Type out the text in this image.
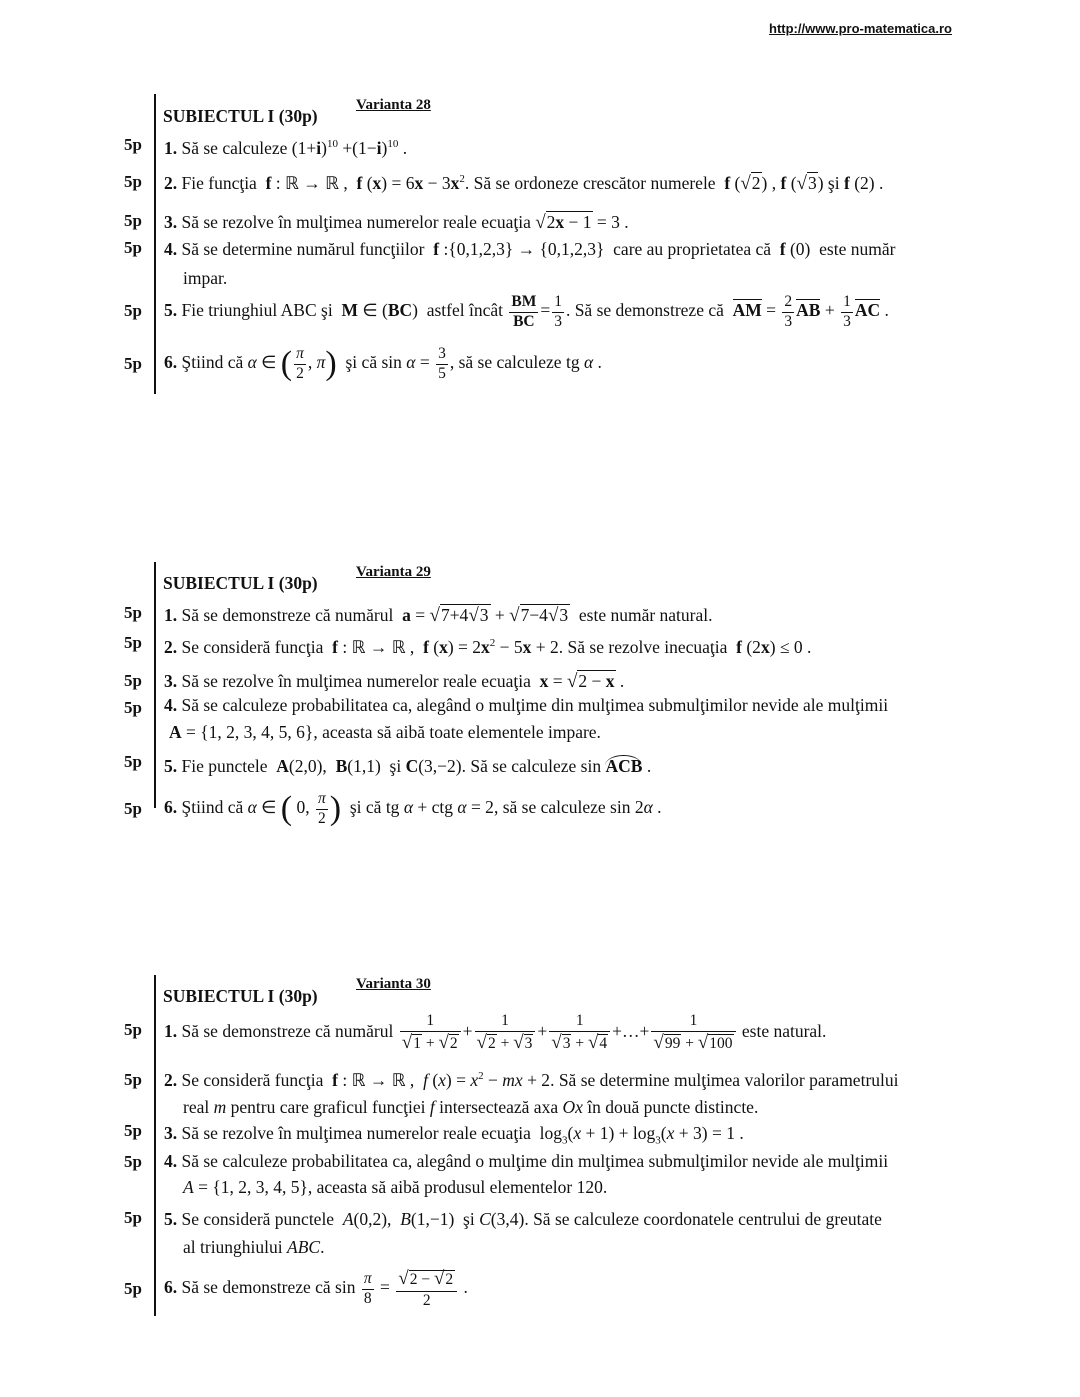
http://www.pro-matematica.ro
SUBIECTUL I (30p)
Varianta 28
5p
5p
5p
5p
5p
5p
1. Să se calculeze $(1+i)^{10} +(1-i)^{10}$ .
2. Fie funcţia f : ℝ → ℝ ,  f $(x) = 6x - 3x^2$. Să se ordoneze crescător numerele f (√2) , f (√3) şi f (2) .
3. Să se rezolve în mulţimea numerelor reale ecuaţia √2x − 1 = 3 .
4. Să se determine numărul funcţiilor f :{0,1,2,3} → {0,1,2,3}  care au proprietatea că f (0)  este număr
impar.
5. Fie triunghiul ABC şi M ∈ (BC)  astfel încât $\frac{BM}{BC} = \frac{1}{3}$ . Să se demonstreze că AM = $\frac{2}{3}$ AB + $\frac{1}{3}$ AC .
6. Ştiind că α ∈ ( $\frac{\pi}{2}$ , π) şi că $\sin \alpha = \frac{3}{5}$ , să se calculeze tg α .
SUBIECTUL I (30p)
Varianta 29
5p
5p
5p
5p
5p
5p
1. Să se demonstreze că numărul a = √7+4√3 + √7−4√3 este număr natural.
2. Se consideră funcţia f : ℝ → ℝ ,  f $(x) = 2x^2 - 5x + 2$. Să se rezolve inecuaţia f (2x) ≤ 0 .
3. Să se rezolve în mulţimea numerelor reale ecuaţia x = √2 − x .
4. Să se calculeze probabilitatea ca, alegând o mulţime din mulţimea submulţimilor nevide ale mulţimii
A = {1, 2, 3, 4, 5, 6}, aceasta să aibă toate elementele impare.
5. Fie punctele A(2,0),  B(1,1)  şi C(3,−2). Să se calculeze sin ACB .
6. Ştiind că α ∈ ( 0, $\frac{\pi}{2}$ ) şi că tg α + ctg α = 2, să se calculeze sin 2α .
SUBIECTUL I (30p)
Varianta 30
5p
5p
5p
5p
5p
5p
1. Să se demonstreze că numărul $\frac{1}{√1 + √2} + \frac{1}{√2 + √3} + \frac{1}{√3 + √4}$ +…+ $\frac{1}{√99 + √100}$ este natural.
2. Se consideră funcţia f : ℝ → ℝ ,  f $(x) = x^2$ − mx + 2. Să se determine mulţimea valorilor parametrului
real m pentru care graficul funcţiei f intersectează axa Ox în două puncte distincte.
3. Să se rezolve în mulţimea numerelor reale ecuaţia  $\log_3(x + 1) + \log_3(x + 3) = 1$ .
4. Să se calculeze probabilitatea ca, alegând o mulţime din mulţimea submulţimilor nevide ale mulţimii
A = {1, 2, 3, 4, 5}, aceasta să aibă produsul elementelor 120.
5. Se consideră punctele A(0,2),  B(1,−1)  şi C(3,4). Să se calculeze coordonatele centrului de greutate
al triunghiului ABC.
6. Să se demonstreze că $\sin \frac{\pi}{8} = \frac{√2 - √2}{2}$ .
